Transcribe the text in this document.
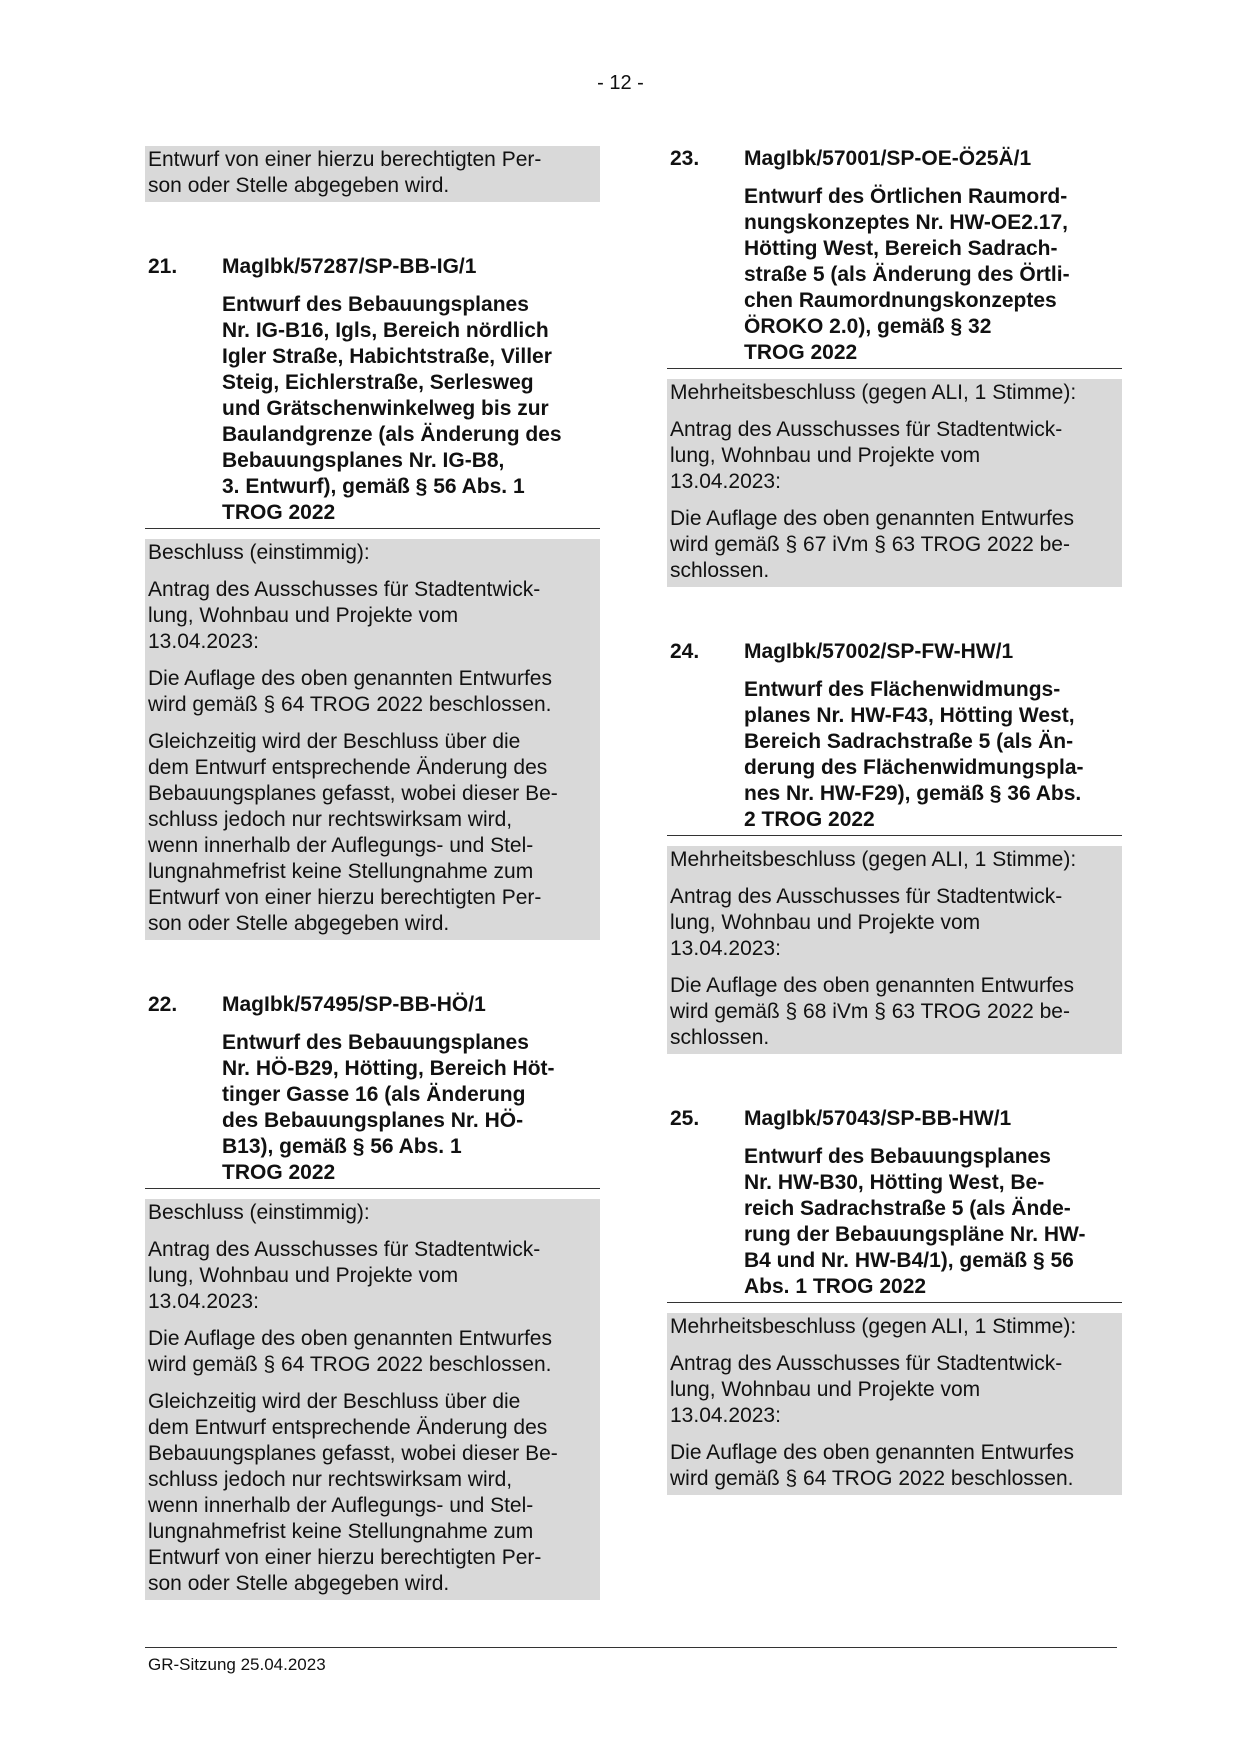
- 12 -

Entwurf von einer hierzu berechtigten Per-
son oder Stelle abgegeben wird.

21.	MagIbk/57287/SP-BB-IG/1
Entwurf des Bebauungsplanes
Nr. IG-B16, Igls, Bereich nördlich
Igler Straße, Habichtstraße, Viller
Steig, Eichlerstraße, Serlesweg
und Grätschenwinkelweg bis zur
Baulandgrenze (als Änderung des
Bebauungsplanes Nr. IG-B8,
3. Entwurf), gemäß § 56 Abs. 1
TROG 2022

Beschluss (einstimmig):

Antrag des Ausschusses für Stadtentwick-
lung, Wohnbau und Projekte vom
13.04.2023:

Die Auflage des oben genannten Entwurfes
wird gemäß § 64 TROG 2022 beschlossen.

Gleichzeitig wird der Beschluss über die
dem Entwurf entsprechende Änderung des
Bebauungsplanes gefasst, wobei dieser Be-
schluss jedoch nur rechtswirksam wird,
wenn innerhalb der Auflegungs- und Stel-
lungnahmefrist keine Stellungnahme zum
Entwurf von einer hierzu berechtigten Per-
son oder Stelle abgegeben wird.

22.	MagIbk/57495/SP-BB-HÖ/1
Entwurf des Bebauungsplanes
Nr. HÖ-B29, Hötting, Bereich Höt-
tinger Gasse 16 (als Änderung
des Bebauungsplanes Nr. HÖ-
B13), gemäß § 56 Abs. 1
TROG 2022

Beschluss (einstimmig):

Antrag des Ausschusses für Stadtentwick-
lung, Wohnbau und Projekte vom
13.04.2023:

Die Auflage des oben genannten Entwurfes
wird gemäß § 64 TROG 2022 beschlossen.

Gleichzeitig wird der Beschluss über die
dem Entwurf entsprechende Änderung des
Bebauungsplanes gefasst, wobei dieser Be-
schluss jedoch nur rechtswirksam wird,
wenn innerhalb der Auflegungs- und Stel-
lungnahmefrist keine Stellungnahme zum
Entwurf von einer hierzu berechtigten Per-
son oder Stelle abgegeben wird.

23.	MagIbk/57001/SP-OE-Ö25Ä/1
Entwurf des Örtlichen Raumord-
nungskonzeptes Nr. HW-OE2.17,
Hötting West, Bereich Sadrach-
straße 5 (als Änderung des Örtli-
chen Raumordnungskonzeptes
ÖROKO 2.0), gemäß § 32
TROG 2022

Mehrheitsbeschluss (gegen ALI, 1 Stimme):

Antrag des Ausschusses für Stadtentwick-
lung, Wohnbau und Projekte vom
13.04.2023:

Die Auflage des oben genannten Entwurfes
wird gemäß § 67 iVm § 63 TROG 2022 be-
schlossen.

24.	MagIbk/57002/SP-FW-HW/1
Entwurf des Flächenwidmungs-
planes Nr. HW-F43, Hötting West,
Bereich Sadrachstraße 5 (als Än-
derung des Flächenwidmungspla-
nes Nr. HW-F29), gemäß § 36 Abs.
2 TROG 2022

Mehrheitsbeschluss (gegen ALI, 1 Stimme):

Antrag des Ausschusses für Stadtentwick-
lung, Wohnbau und Projekte vom
13.04.2023:

Die Auflage des oben genannten Entwurfes
wird gemäß § 68 iVm § 63 TROG 2022 be-
schlossen.

25.	MagIbk/57043/SP-BB-HW/1
Entwurf des Bebauungsplanes
Nr. HW-B30, Hötting West, Be-
reich Sadrachstraße 5 (als Ände-
rung der Bebauungspläne Nr. HW-
B4 und Nr. HW-B4/1), gemäß § 56
Abs. 1 TROG 2022

Mehrheitsbeschluss (gegen ALI, 1 Stimme):

Antrag des Ausschusses für Stadtentwick-
lung, Wohnbau und Projekte vom
13.04.2023:

Die Auflage des oben genannten Entwurfes
wird gemäß § 64 TROG 2022 beschlossen.

GR-Sitzung 25.04.2023
